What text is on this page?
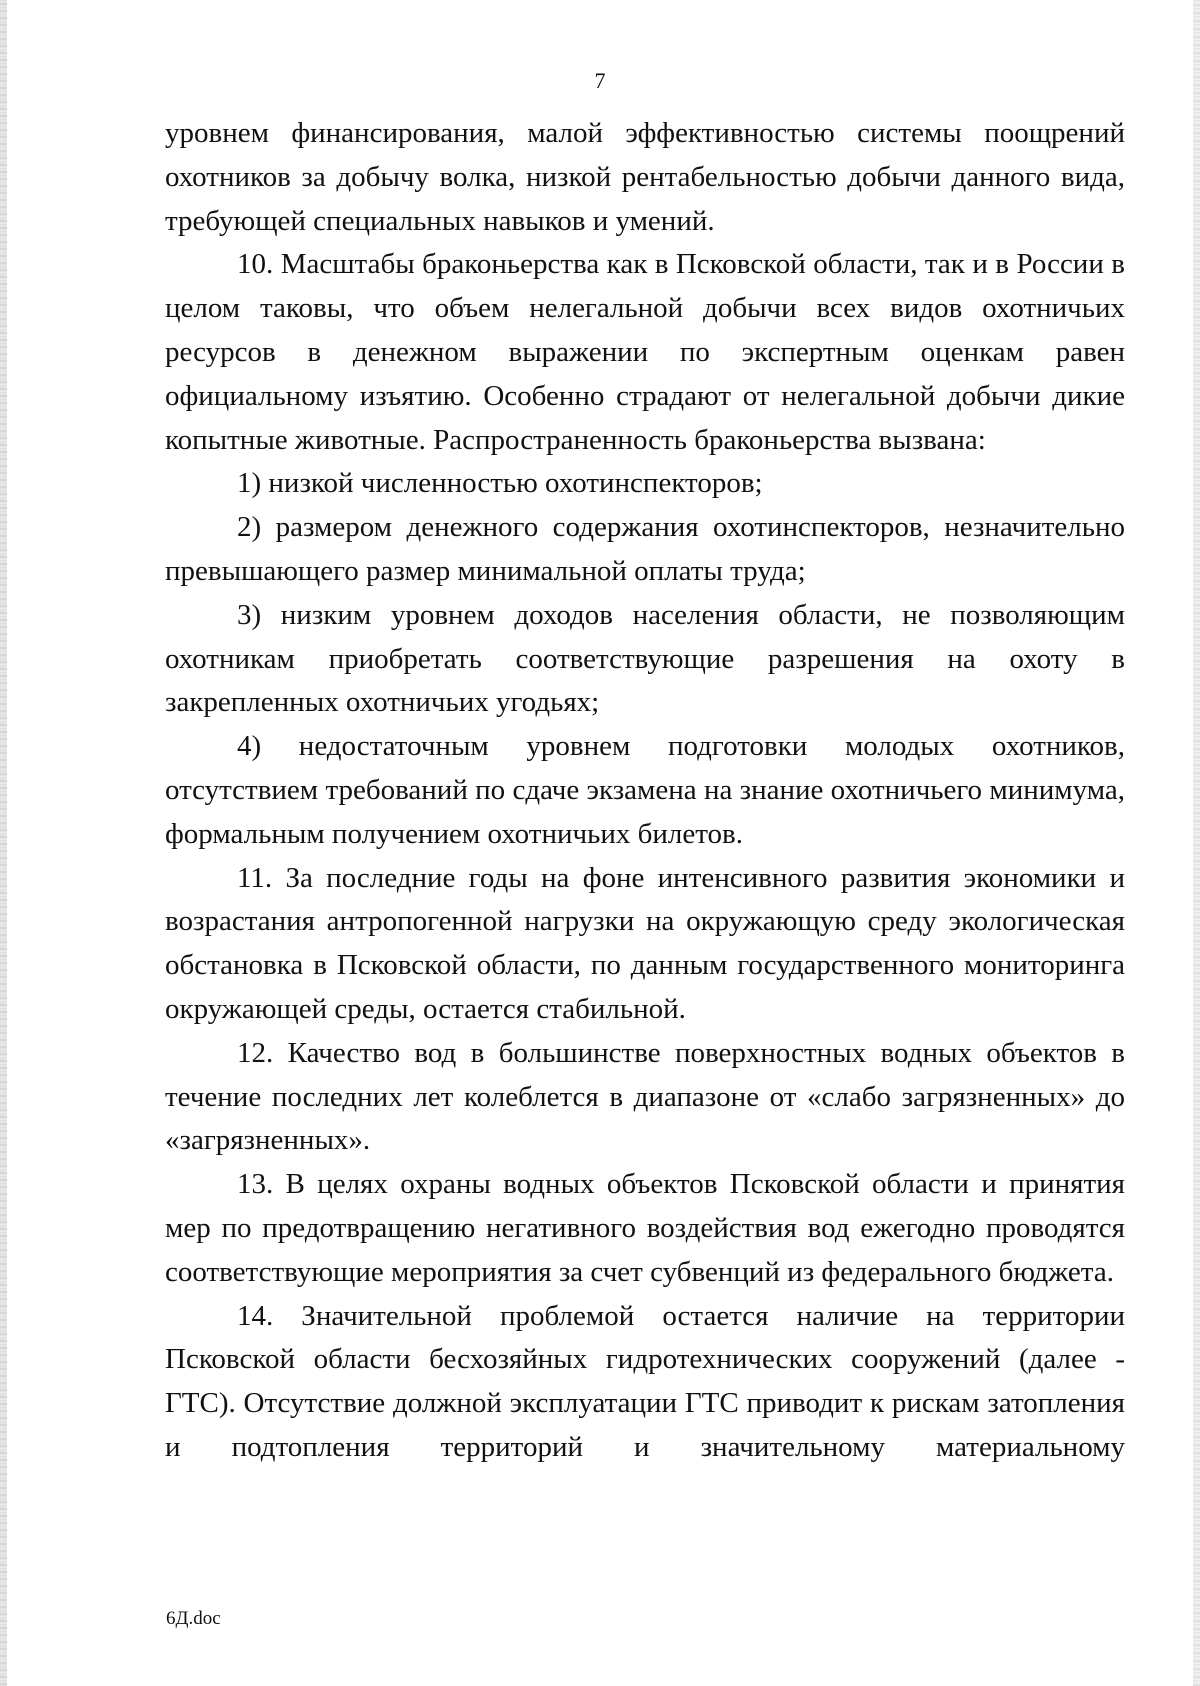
7

уровнем финансирования, малой эффективностью системы поощрений охотников за добычу волка, низкой рентабельностью добычи данного вида, требующей специальных навыков и умений.

10. Масштабы браконьерства как в Псковской области, так и в России в целом таковы, что объем нелегальной добычи всех видов охотничьих ресурсов в денежном выражении по экспертным оценкам равен официальному изъятию. Особенно страдают от нелегальной добычи дикие копытные животные. Распространенность браконьерства вызвана:

1) низкой численностью охотинспекторов;

2) размером денежного содержания охотинспекторов, незначительно превышающего размер минимальной оплаты труда;

3) низким уровнем доходов населения области, не позволяющим охотникам приобретать соответствующие разрешения на охоту в закрепленных охотничьих угодьях;

4) недостаточным уровнем подготовки молодых охотников, отсутствием требований по сдаче экзамена на знание охотничьего минимума, формальным получением охотничьих билетов.

11. За последние годы на фоне интенсивного развития экономики и возрастания антропогенной нагрузки на окружающую среду экологическая обстановка в Псковской области, по данным государственного мониторинга окружающей среды, остается стабильной.

12. Качество вод в большинстве поверхностных водных объектов в течение последних лет колеблется в диапазоне от «слабо загрязненных» до «загрязненных».

13. В целях охраны водных объектов Псковской области и принятия мер по предотвращению негативного воздействия вод ежегодно проводятся соответствующие мероприятия за счет субвенций из федерального бюджета.

14. Значительной проблемой остается наличие на территории Псковской области бесхозяйных гидротехнических сооружений (далее - ГТС). Отсутствие должной эксплуатации ГТС приводит к рискам затопления и подтопления территорий и значительному материальному

6Д.doc
